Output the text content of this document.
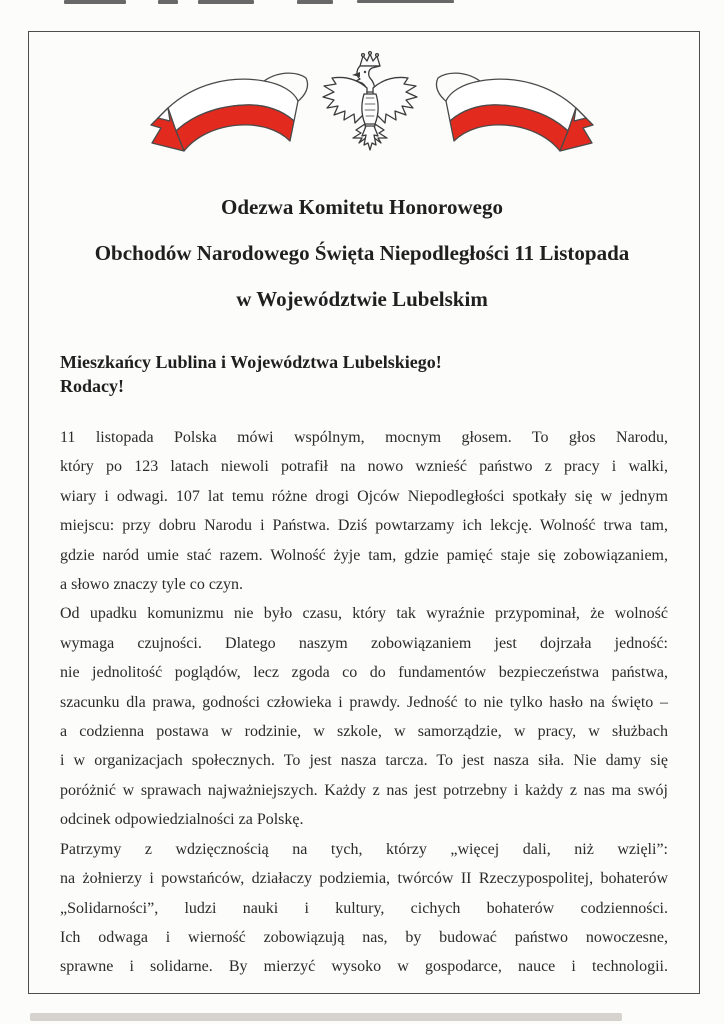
Odezwa Komitetu Honorowego
Obchodów Narodowego Święta Niepodległości 11 Listopada
w Województwie Lubelskim
Mieszkańcy Lublina i Województwa Lubelskiego!
Rodacy!
11 listopada Polska mówi wspólnym, mocnym głosem. To głos Narodu,
który po 123 latach niewoli potrafił na nowo wznieść państwo z pracy i walki,
wiary i odwagi. 107 lat temu różne drogi Ojców Niepodległości spotkały się w jednym
miejscu: przy dobru Narodu i Państwa. Dziś powtarzamy ich lekcję. Wolność trwa tam,
gdzie naród umie stać razem. Wolność żyje tam, gdzie pamięć staje się zobowiązaniem,
a słowo znaczy tyle co czyn.
Od upadku komunizmu nie było czasu, który tak wyraźnie przypominał, że wolność
wymaga czujności. Dlatego naszym zobowiązaniem jest dojrzała jedność:
nie jednolitość poglądów, lecz zgoda co do fundamentów bezpieczeństwa państwa,
szacunku dla prawa, godności człowieka i prawdy. Jedność to nie tylko hasło na święto –
a codzienna postawa w rodzinie, w szkole, w samorządzie, w pracy, w służbach
i w organizacjach społecznych. To jest nasza tarcza. To jest nasza siła. Nie damy się
poróżnić w sprawach najważniejszych. Każdy z nas jest potrzebny i każdy z nas ma swój
odcinek odpowiedzialności za Polskę.
Patrzymy z wdzięcznością na tych, którzy „więcej dali, niż wzięli”:
na żołnierzy i powstańców, działaczy podziemia, twórców II Rzeczypospolitej, bohaterów
„Solidarności”, ludzi nauki i kultury, cichych bohaterów codzienności.
Ich odwaga i wierność zobowiązują nas, by budować państwo nowoczesne,
sprawne i solidarne. By mierzyć wysoko w gospodarce, nauce i technologii.
